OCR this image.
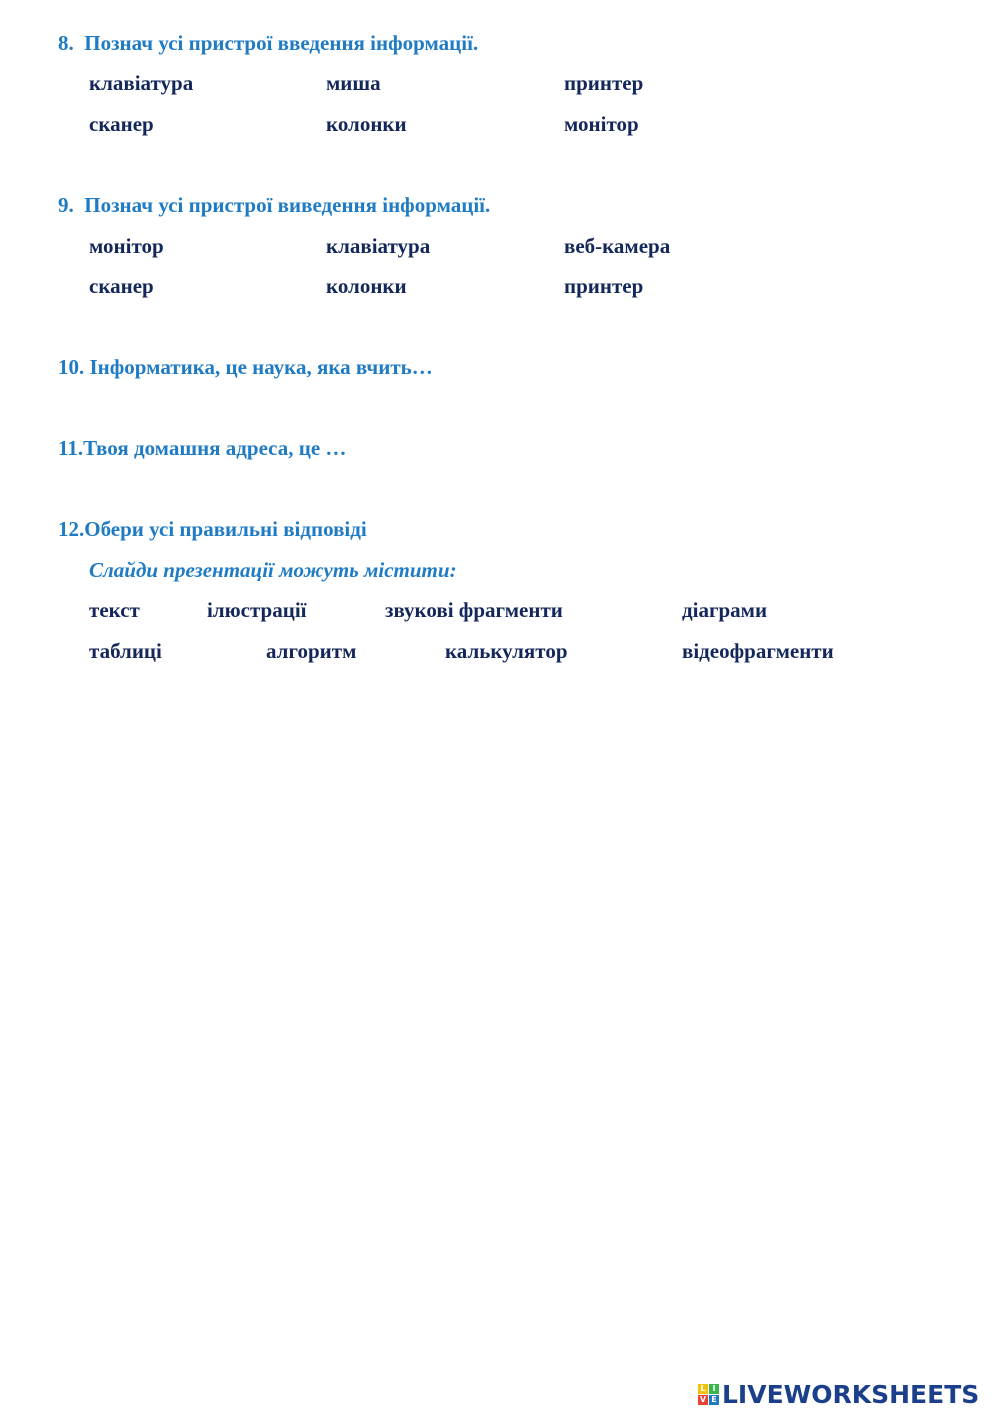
8. Познач усі пристрої введення інформації.
клавіатура	миша	принтер
сканер	колонки	монітор
9. Познач усі пристрої виведення інформації.
монітор	клавіатура	веб-камера
сканер	колонки	принтер
10. Інформатика, це наука, яка вчить…
11.Твоя домашня адреса, це …
12.Обери усі правильні відповіді
Слайди презентації можуть містити:
текст	ілюстрації	звукові фрагменти	діаграми
таблиці	алгоритм	калькулятор	відеофрагменти
L I
V E LIVEWORKSHEETS
